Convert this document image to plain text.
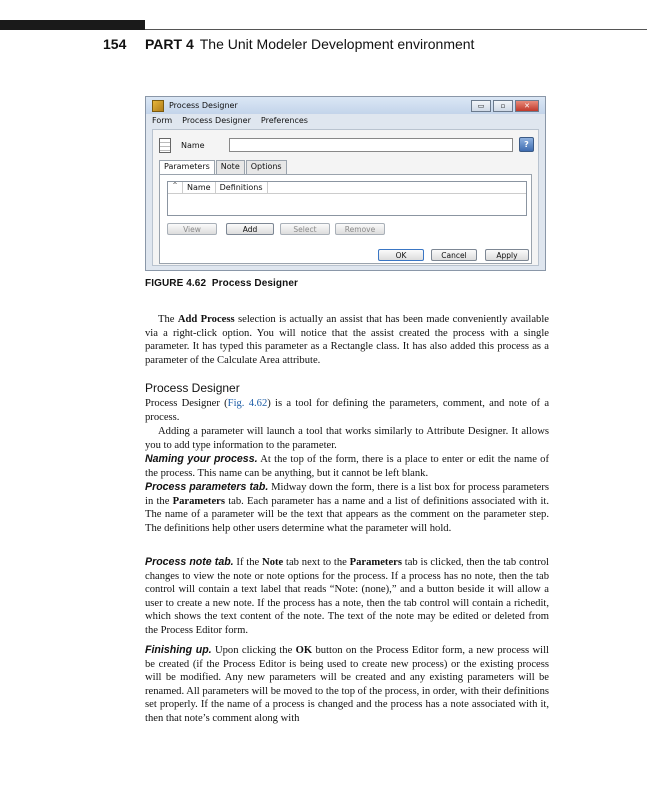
154 PART 4 The Unit Modeler Development environment
Process Designer	▭	▫	✕
Form Process Designer Preferences
Name	?
Parameters	Note	Options
^	Name	Definitions
View	Add	Select	Remove
OK	Cancel	Apply
FIGURE 4.62 Process Designer
The Add Process selection is actually an assist that has been made conveniently available via a right-click option. You will notice that the assist created the process with a single parameter. It has typed this parameter as a Rectangle class. It has also added this process as a parameter of the Calculate Area attribute.
Process Designer
Process Designer (Fig. 4.62) is a tool for defining the parameters, comment, and note of a process.
Adding a parameter will launch a tool that works similarly to Attribute Designer. It allows you to add type information to the parameter.
Naming your process. At the top of the form, there is a place to enter or edit the name of the process. This name can be anything, but it cannot be left blank.
Process parameters tab. Midway down the form, there is a list box for process parameters in the Parameters tab. Each parameter has a name and a list of definitions associated with it. The name of a parameter will be the text that appears as the comment on the parameter step. The definitions help other users determine what the parameter will hold.
Process note tab. If the Note tab next to the Parameters tab is clicked, then the tab control changes to view the note or note options for the process. If a process has no note, then the tab control will contain a text label that reads “Note: (none),” and a button beside it will allow a user to create a new note. If the process has a note, then the tab control will contain a richedit, which shows the text content of the note. The text of the note may be edited or deleted from the Process Editor form.
Finishing up. Upon clicking the OK button on the Process Editor form, a new process will be created (if the Process Editor is being used to create new process) or the existing process will be modified. Any new parameters will be created and any existing parameters will be renamed. All parameters will be moved to the top of the process, in order, with their definitions set properly. If the name of a process is changed and the process has a note associated with it, then that note’s comment along with
